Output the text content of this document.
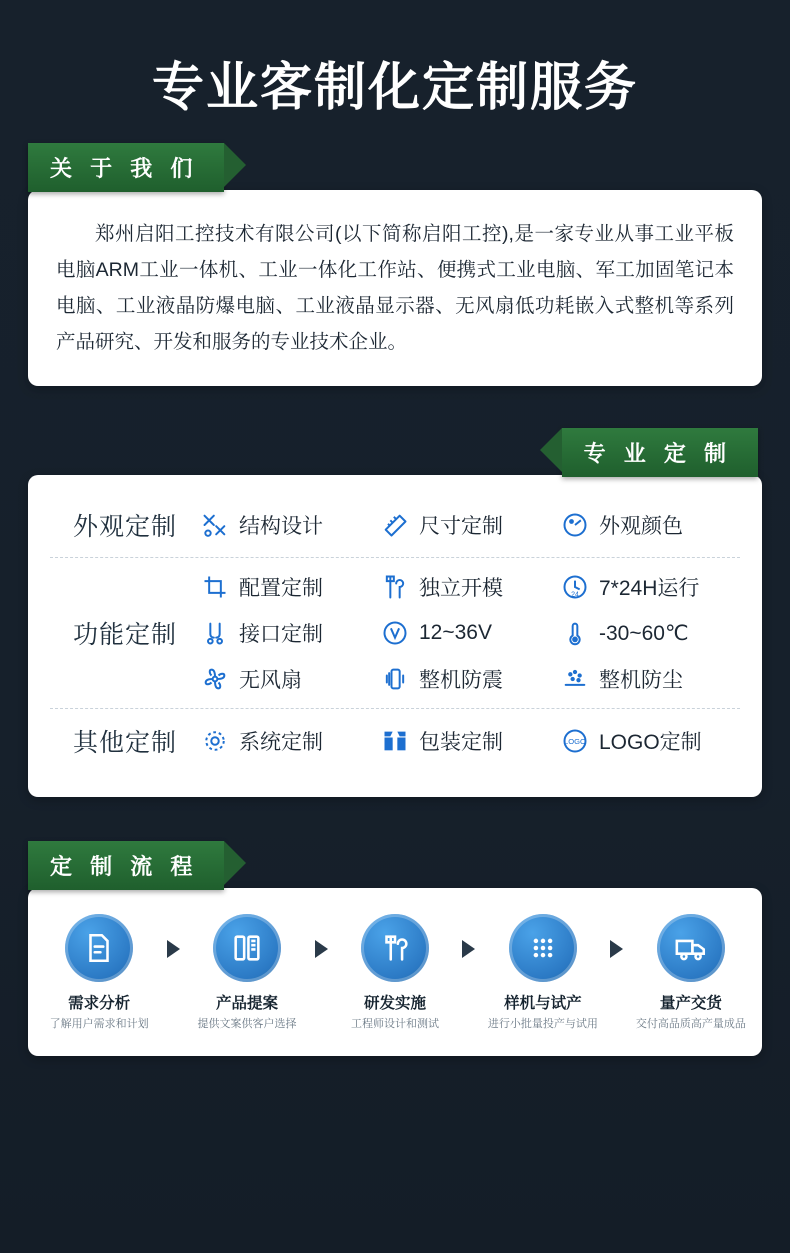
专业客制化定制服务
关 于 我 们
郑州启阳工控技术有限公司(以下简称启阳工控),是一家专业从事工业平板电脑ARM工业一体机、工业一体化工作站、便携式工业电脑、军工加固笔记本电脑、工业液晶防爆电脑、工业液晶显示器、无风扇低功耗嵌入式整机等系列产品研究、开发和服务的专业技术企业。
专 业 定 制
外观定制	结构设计	尺寸定制	外观颜色
功能定制
配置定制	独立开模	24 7*24H运行
接口定制	12~36V	-30~60℃
无风扇	整机防震	整机防尘
其他定制	系统定制	包装定制	LOGO LOGO定制
定 制 流 程
需求分析
了解用户需求和计划
产品提案
提供文案供客户选择
研发实施
工程师设计和测试
样机与试产
进行小批量投产与试用
量产交货
交付高品质高产量成品
